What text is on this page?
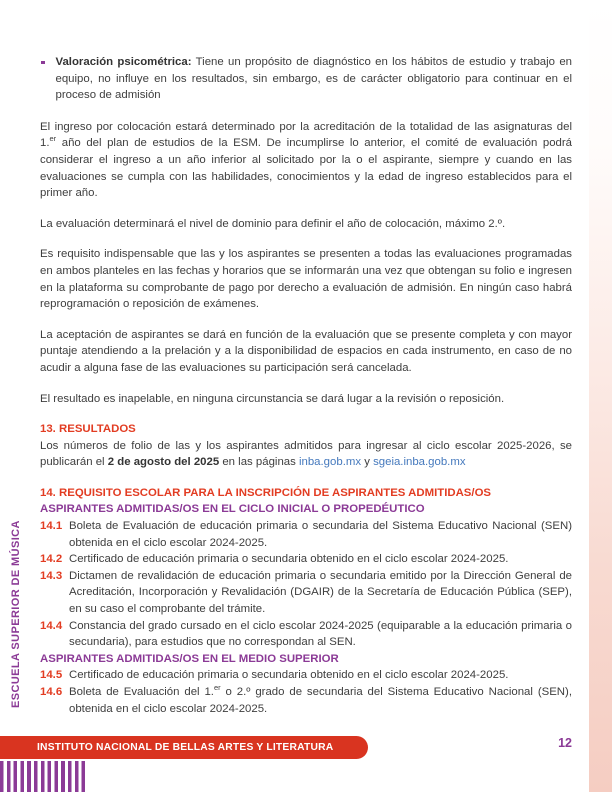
Valoración psicométrica: Tiene un propósito de diagnóstico en los hábitos de estudio y trabajo en equipo, no influye en los resultados, sin embargo, es de carácter obligatorio para continuar en el proceso de admisión

El ingreso por colocación estará determinado por la acreditación de la totalidad de las asignaturas del 1.$^{er}$ año del plan de estudios de la ESM. De incumplirse lo anterior, el comité de evaluación podrá considerar el ingreso a un año inferior al solicitado por la o el aspirante, siempre y cuando en las evaluaciones se cumpla con las habilidades, conocimientos y la edad de ingreso establecidos para el primer año.

La evaluación determinará el nivel de dominio para definir el año de colocación, máximo 2.º.

Es requisito indispensable que las y los aspirantes se presenten a todas las evaluaciones programadas en ambos planteles en las fechas y horarios que se informarán una vez que obtengan su folio e ingresen en la plataforma su comprobante de pago por derecho a evaluación de admisión. En ningún caso habrá reprogramación o reposición de exámenes.

La aceptación de aspirantes se dará en función de la evaluación que se presente completa y con mayor puntaje atendiendo a la prelación y a la disponibilidad de espacios en cada instrumento, en caso de no acudir a alguna fase de las evaluaciones su participación será cancelada.

El resultado es inapelable, en ninguna circunstancia se dará lugar a la revisión o reposición.

13. RESULTADOS

Los números de folio de las y los aspirantes admitidos para ingresar al ciclo escolar 2025-2026, se publicarán el 2 de agosto del 2025 en las páginas inba.gob.mx y sgeia.inba.gob.mx

14. REQUISITO ESCOLAR PARA LA INSCRIPCIÓN DE ASPIRANTES ADMITIDAS/OS
ASPIRANTES ADMITIDAS/OS EN EL CICLO INICIAL O PROPEDÉUTICO
14.1 Boleta de Evaluación de educación primaria o secundaria del Sistema Educativo Nacional (SEN) obtenida en el ciclo escolar 2024-2025.
14.2 Certificado de educación primaria o secundaria obtenido en el ciclo escolar 2024-2025.
14.3 Dictamen de revalidación de educación primaria o secundaria emitido por la Dirección General de Acreditación, Incorporación y Revalidación (DGAIR) de la Secretaría de Educación Pública (SEP), en su caso el comprobante del trámite.
14.4 Constancia del grado cursado en el ciclo escolar 2024-2025 (equiparable a la educación primaria o secundaria), para estudios que no correspondan al SEN.
ASPIRANTES ADMITIDAS/OS EN EL MEDIO SUPERIOR
14.5 Certificado de educación primaria o secundaria obtenido en el ciclo escolar 2024-2025.
14.6 Boleta de Evaluación del 1.$^{er}$ o 2.º grado de secundaria del Sistema Educativo Nacional (SEN), obtenida en el ciclo escolar 2024-2025.
ESCUELA SUPERIOR DE MÚSICA
INSTITUTO NACIONAL DE BELLAS ARTES Y LITERATURA	12
